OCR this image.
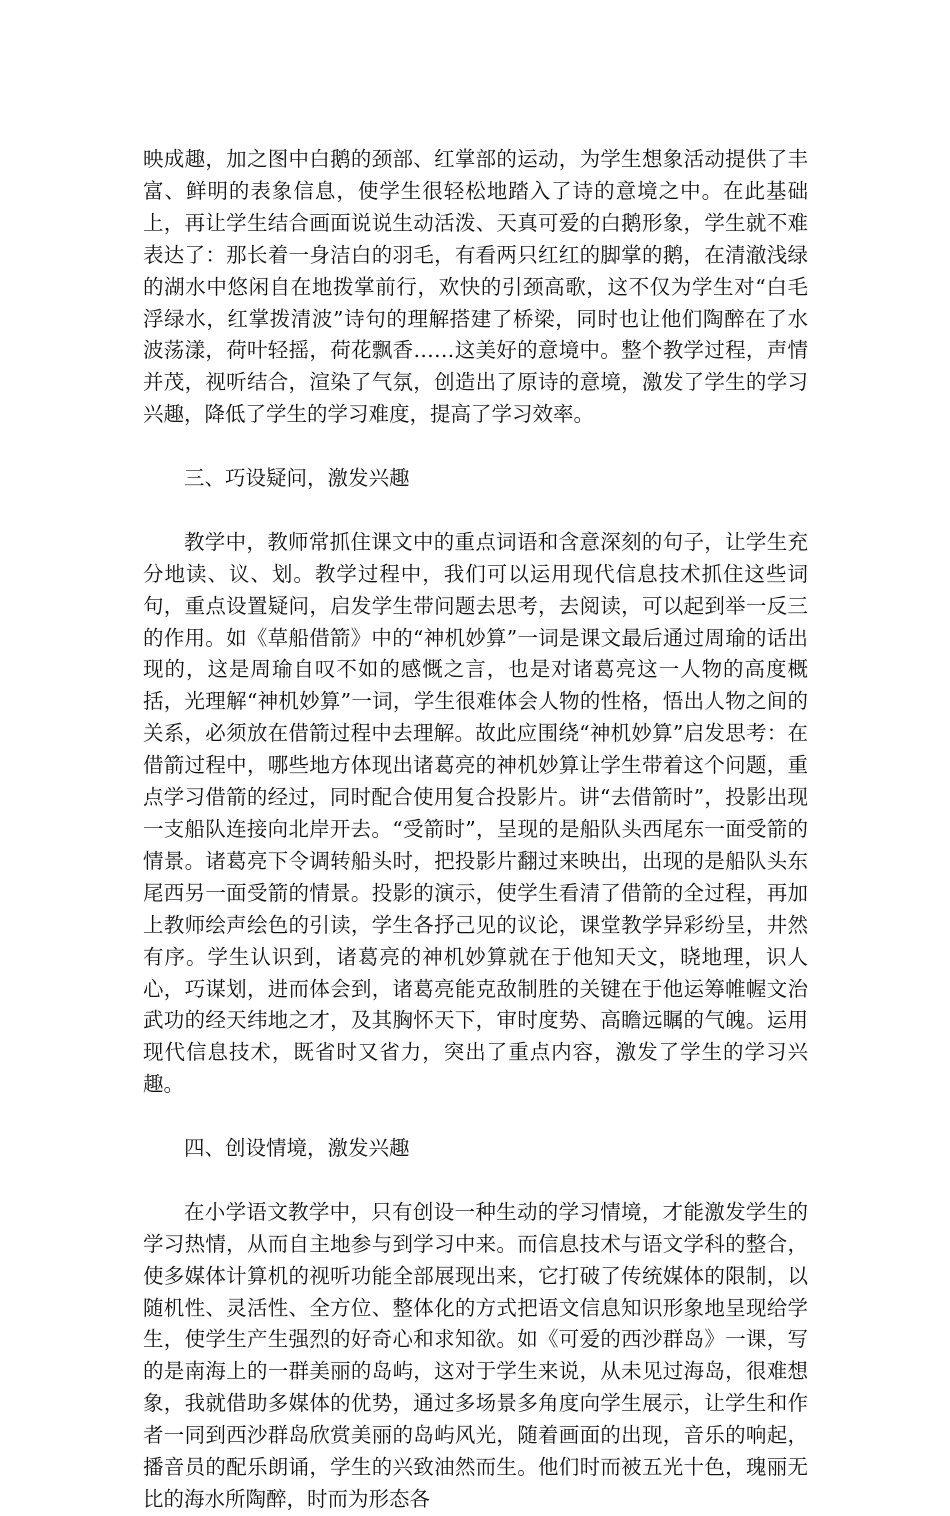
映成趣，加之图中白鹅的颈部、红掌部的运动，为学生想象活动提供了丰富、鲜明的表象信息，使学生很轻松地踏入了诗的意境之中。在此基础上，再让学生结合画面说说生动活泼、天真可爱的白鹅形象，学生就不难表达了：那长着一身洁白的羽毛，有看两只红红的脚掌的鹅，在清澈浅绿的湖水中悠闲自在地拨掌前行，欢快的引颈高歌，这不仅为学生对“白毛浮绿水，红掌拨清波”诗句的理解搭建了桥梁，同时也让他们陶醉在了水波荡漾，荷叶轻摇，荷花飘香……这美好的意境中。整个教学过程，声情并茂，视听结合，渲染了气氛，创造出了原诗的意境，激发了学生的学习兴趣，降低了学生的学习难度，提高了学习效率。

三、巧设疑问，激发兴趣

教学中，教师常抓住课文中的重点词语和含意深刻的句子，让学生充分地读、议、划。教学过程中，我们可以运用现代信息技术抓住这些词句，重点设置疑问，启发学生带问题去思考，去阅读，可以起到举一反三的作用。如《草船借箭》中的“神机妙算”一词是课文最后通过周瑜的话出现的，这是周瑜自叹不如的感慨之言，也是对诸葛亮这一人物的高度概括，光理解“神机妙算”一词，学生很难体会人物的性格，悟出人物之间的关系，必须放在借箭过程中去理解。故此应围绕“神机妙算”启发思考：在借箭过程中，哪些地方体现出诸葛亮的神机妙算让学生带着这个问题，重点学习借箭的经过，同时配合使用复合投影片。讲“去借箭时”，投影出现一支船队连接向北岸开去。“受箭时”，呈现的是船队头西尾东一面受箭的情景。诸葛亮下令调转船头时，把投影片翻过来映出，出现的是船队头东尾西另一面受箭的情景。投影的演示，使学生看清了借箭的全过程，再加上教师绘声绘色的引读，学生各抒己见的议论，课堂教学异彩纷呈，井然有序。学生认识到，诸葛亮的神机妙算就在于他知天文，晓地理，识人心，巧谋划，进而体会到，诸葛亮能克敌制胜的关键在于他运筹帷幄文治武功的经天纬地之才，及其胸怀天下，审时度势、高瞻远瞩的气魄。运用现代信息技术，既省时又省力，突出了重点内容，激发了学生的学习兴趣。

四、创设情境，激发兴趣

在小学语文教学中，只有创设一种生动的学习情境，才能激发学生的学习热情，从而自主地参与到学习中来。而信息技术与语文学科的整合，使多媒体计算机的视听功能全部展现出来，它打破了传统媒体的限制，以随机性、灵活性、全方位、整体化的方式把语文信息知识形象地呈现给学生，使学生产生强烈的好奇心和求知欲。如《可爱的西沙群岛》一课，写的是南海上的一群美丽的岛屿，这对于学生来说，从未见过海岛，很难想象，我就借助多媒体的优势，通过多场景多角度向学生展示，让学生和作者一同到西沙群岛欣赏美丽的岛屿风光，随着画面的出现，音乐的响起，播音员的配乐朗诵，学生的兴致油然而生。他们时而被五光十色，瑰丽无比的海水所陶醉，时而为形态各
